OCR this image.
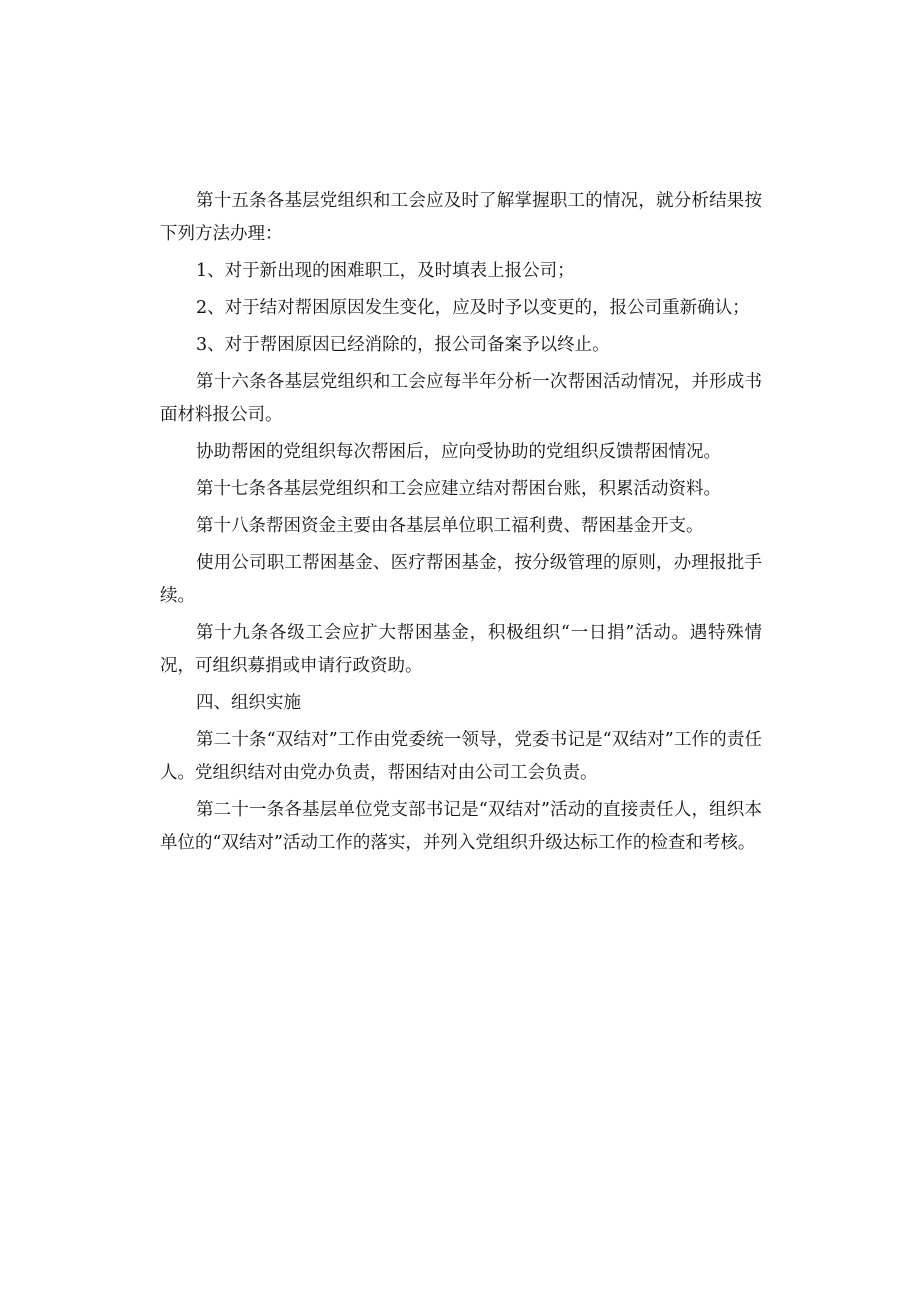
第十五条各基层党组织和工会应及时了解掌握职工的情况，就分析结果按下列方法办理：

1、对于新出现的困难职工，及时填表上报公司；

2、对于结对帮困原因发生变化，应及时予以变更的，报公司重新确认；

3、对于帮困原因已经消除的，报公司备案予以终止。

第十六条各基层党组织和工会应每半年分析一次帮困活动情况，并形成书面材料报公司。

协助帮困的党组织每次帮困后，应向受协助的党组织反馈帮困情况。

第十七条各基层党组织和工会应建立结对帮困台账，积累活动资料。

第十八条帮困资金主要由各基层单位职工福利费、帮困基金开支。

使用公司职工帮困基金、医疗帮困基金，按分级管理的原则，办理报批手续。

第十九条各级工会应扩大帮困基金，积极组织“一日捐”活动。遇特殊情况，可组织募捐或申请行政资助。

四、组织实施

第二十条“双结对”工作由党委统一领导，党委书记是“双结对”工作的责任人。党组织结对由党办负责，帮困结对由公司工会负责。

第二十一条各基层单位党支部书记是“双结对”活动的直接责任人，组织本单位的“双结对”活动工作的落实，并列入党组织升级达标工作的检查和考核。
